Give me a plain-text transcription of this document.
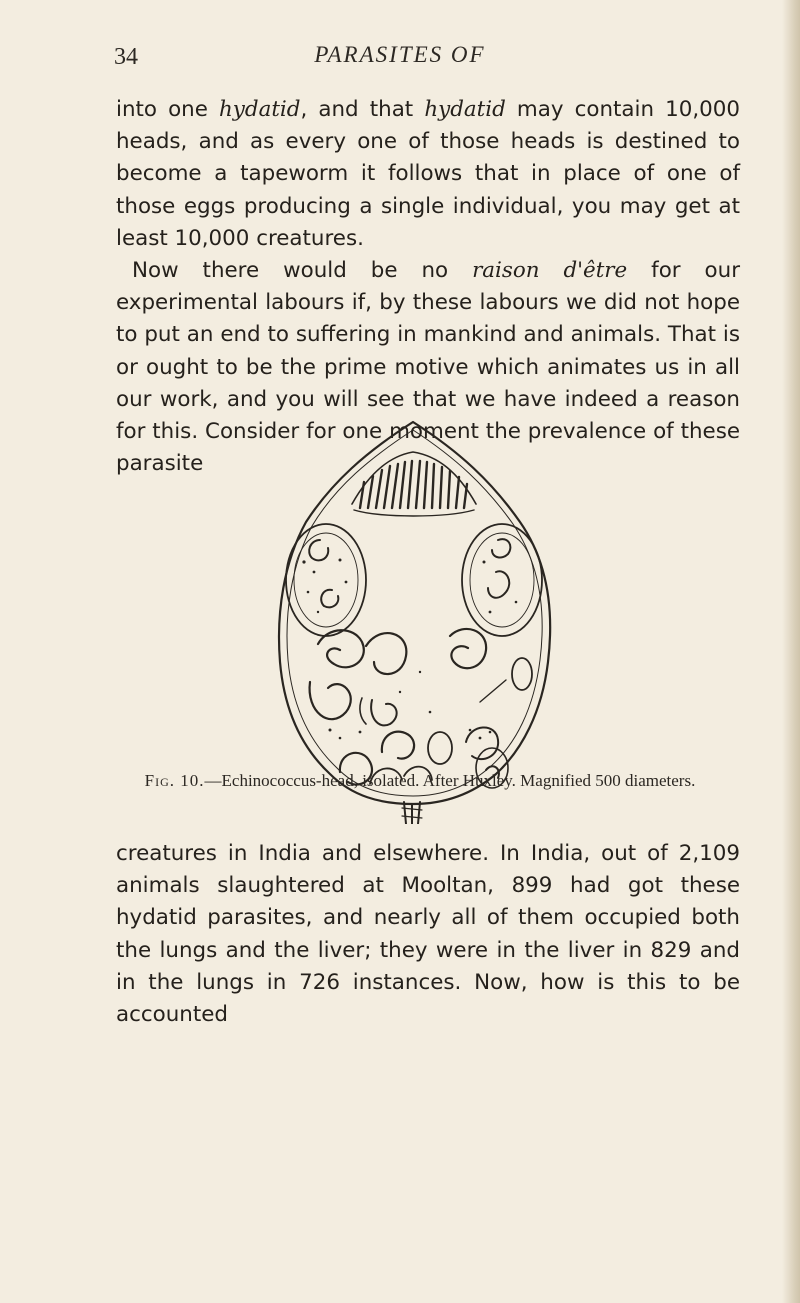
34	PARASITES OF

into one hydatid, and that hydatid may contain 10,000 heads, and as every one of those heads is destined to become a tapeworm it follows that in place of one of those eggs producing a single individual, you may get at least 10,000 creatures.
Now there would be no raison d'être for our experimental labours if, by these labours we did not hope to put an end to suffering in mankind and animals. That is or ought to be the prime motive which animates us in all our work, and you will see that we have indeed a reason for this. Consider for one moment the prevalence of these parasite

Fig. 10.—Echinococcus-head, isolated. After Huxley. Magnified 500 diameters.

creatures in India and elsewhere. In India, out of 2,109 animals slaughtered at Mooltan, 899 had got these hydatid parasites, and nearly all of them occupied both the lungs and the liver; they were in the liver in 829 and in the lungs in 726 instances. Now, how is this to be accounted
